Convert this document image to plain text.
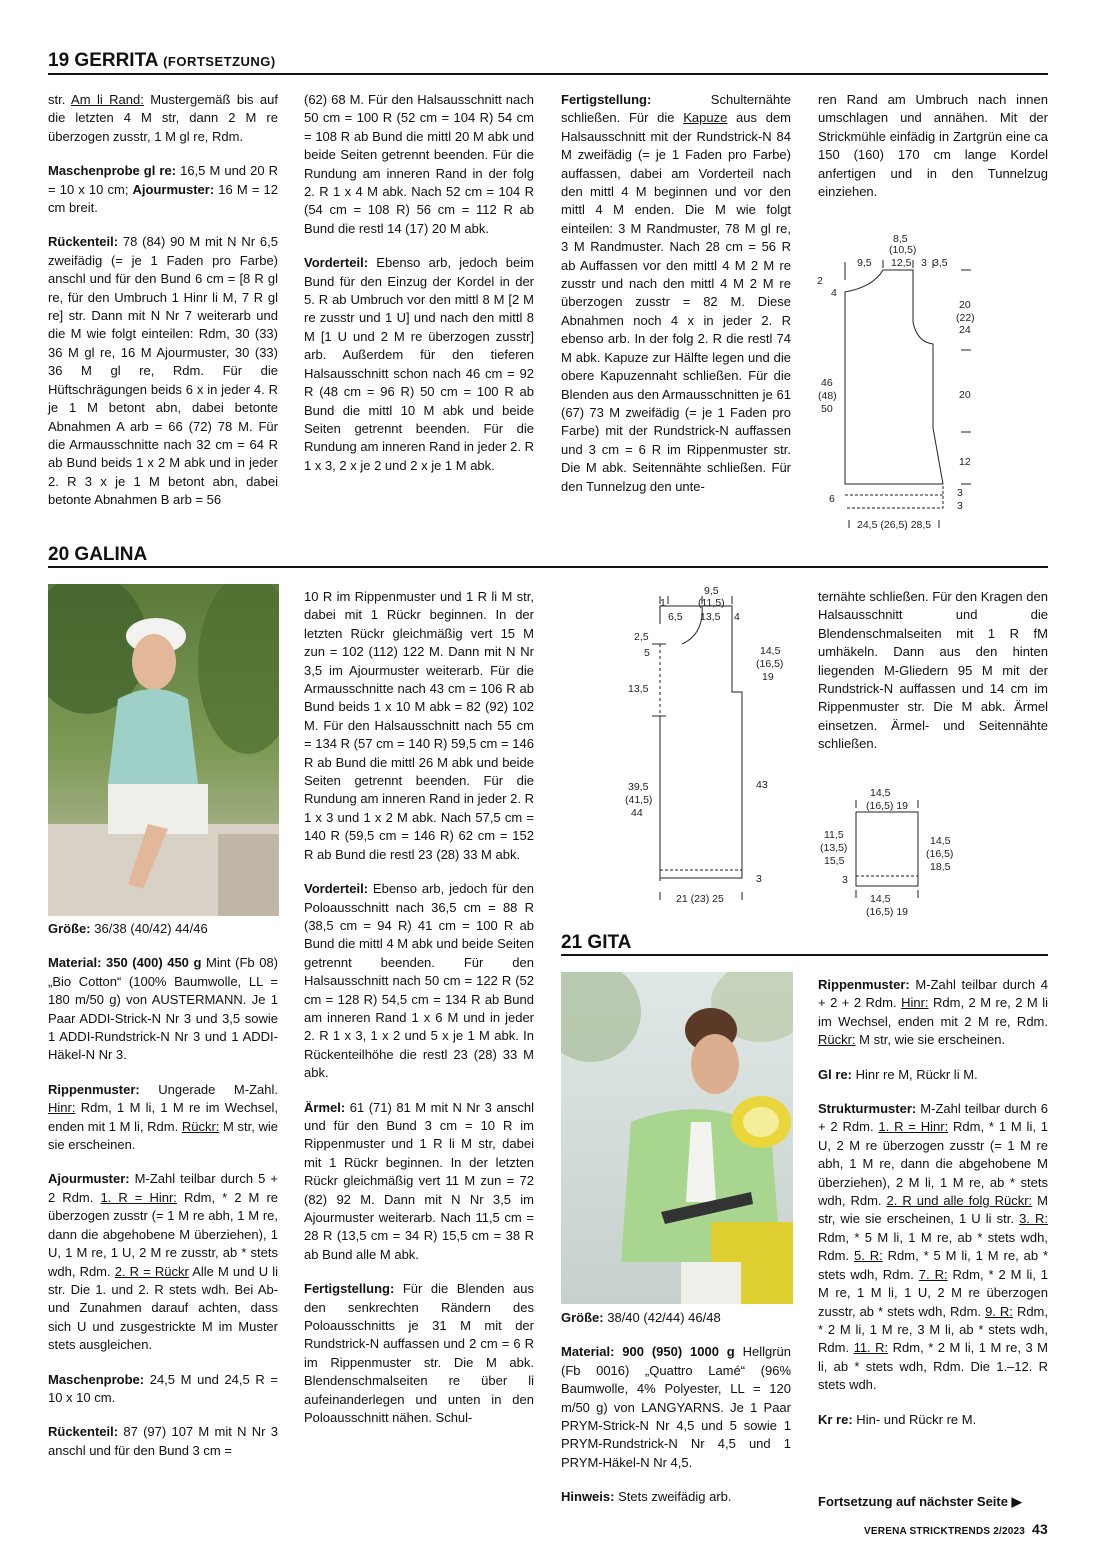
19 GERRITA (FORTSETZUNG)
20 GALINA
21 GITA

str. Am li Rand: Mustergemäß bis auf die letzten 4 M str, dann 2 M re überzogen zusstr, 1 M gl re, Rdm.

Maschenprobe gl re: 16,5 M und 20 R = 10 x 10 cm; Ajourmuster: 16 M = 12 cm breit.

Rückenteil: 78 (84) 90 M mit N Nr 6,5 zweifädig (= je 1 Faden pro Farbe) anschl und für den Bund 6 cm = [8 R gl re, für den Umbruch 1 Hinr li M, 7 R gl re] str. Dann mit N Nr 7 weiterarb und die M wie folgt einteilen: Rdm, 30 (33) 36 M gl re, 16 M Ajourmuster, 30 (33) 36 M gl re, Rdm. Für die Hüftschrägungen beids 6 x in jeder 4. R je 1 M betont abn, dabei betonte Abnahmen A arb = 66 (72) 78 M. Für die Armausschnitte nach 32 cm = 64 R ab Bund beids 1 x 2 M abk und in jeder 2. R 3 x je 1 M betont abn, dabei betonte Abnahmen B arb = 56

(62) 68 M. Für den Halsausschnitt nach 50 cm = 100 R (52 cm = 104 R) 54 cm = 108 R ab Bund die mittl 20 M abk und beide Seiten getrennt beenden. Für die Rundung am inneren Rand in der folg 2. R 1 x 4 M abk. Nach 52 cm = 104 R (54 cm = 108 R) 56 cm = 112 R ab Bund die restl 14 (17) 20 M abk.

Vorderteil: Ebenso arb, jedoch beim Bund für den Einzug der Kordel in der 5. R ab Umbruch vor den mittl 8 M [2 M re zusstr und 1 U] und nach den mittl 8 M [1 U und 2 M re überzogen zusstr] arb. Außerdem für den tieferen Halsausschnitt schon nach 46 cm = 92 R (48 cm = 96 R) 50 cm = 100 R ab Bund die mittl 10 M abk und beide Seiten getrennt beenden. Für die Rundung am inneren Rand in jeder 2. R 1 x 3, 2 x je 2 und 2 x je 1 M abk.

Fertigstellung: Schulternähte schließen. Für die Kapuze aus dem Halsausschnitt mit der Rundstrick-N 84 M zweifädig (= je 1 Faden pro Farbe) auffassen, dabei am Vorderteil nach den mittl 4 M beginnen und vor den mittl 4 M enden. Die M wie folgt einteilen: 3 M Randmuster, 78 M gl re, 3 M Randmuster. Nach 28 cm = 56 R ab Auffassen vor den mittl 4 M 2 M re zusstr und nach den mittl 4 M 2 M re überzogen zusstr = 82 M. Diese Abnahmen noch 4 x in jeder 2. R ebenso arb. In der folg 2. R die restl 74 M abk. Kapuze zur Hälfte legen und die obere Kapuzennaht schließen. Für die Blenden aus den Armausschnitten je 61 (67) 73 M zweifädig (= je 1 Faden pro Farbe) mit der Rundstrick-N auffassen und 3 cm = 6 R im Rippenmuster str. Die M abk. Seitennähte schließen. Für den Tunnelzug den unte-

ren Rand am Umbruch nach innen umschlagen und annähen. Mit der Strickmühle einfädig in Zartgrün eine ca 150 (160) 170 cm lange Kordel anfertigen und in den Tunnelzug einziehen.

2
4
9,5
8,5
(10,5)
12,5 3 3,5
20
(22)
24
20
12
3
3
46
(48)
50
6
24,5 (26,5) 28,5

Größe: 36/38 (40/42) 44/46

Material: 350 (400) 450 g Mint (Fb 08) „Bio Cotton“ (100% Baumwolle, LL = 180 m/50 g) von AUSTERMANN. Je 1 Paar ADDI-Strick-N Nr 3 und 3,5 sowie 1 ADDI-Rundstrick-N Nr 3 und 1 ADDI-Häkel-N Nr 3.

Rippenmuster: Ungerade M-Zahl. Hinr: Rdm, 1 M li, 1 M re im Wechsel, enden mit 1 M li, Rdm. Rückr: M str, wie sie erscheinen.

Ajourmuster: M-Zahl teilbar durch 5 + 2 Rdm. 1. R = Hinr: Rdm, * 2 M re überzogen zusstr (= 1 M re abh, 1 M re, dann die abgehobene M überziehen), 1 U, 1 M re, 1 U, 2 M re zusstr, ab * stets wdh, Rdm. 2. R = Rückr Alle M und U li str. Die 1. und 2. R stets wdh. Bei Ab- und Zunahmen darauf achten, dass sich U und zusgestrickte M im Muster stets ausgleichen.

Maschenprobe: 24,5 M und 24,5 R = 10 x 10 cm.

Rückenteil: 87 (97) 107 M mit N Nr 3 anschl und für den Bund 3 cm =

10 R im Rippenmuster und 1 R li M str, dabei mit 1 Rückr beginnen. In der letzten Rückr gleichmäßig vert 15 M zun = 102 (112) 122 M. Dann mit N Nr 3,5 im Ajourmuster weiterarb. Für die Armausschnitte nach 43 cm = 106 R ab Bund beids 1 x 10 M abk = 82 (92) 102 M. Für den Halsausschnitt nach 55 cm = 134 R (57 cm = 140 R) 59,5 cm = 146 R ab Bund die mittl 26 M abk und beide Seiten getrennt beenden. Für die Rundung am inneren Rand in jeder 2. R 1 x 3 und 1 x 2 M abk. Nach 57,5 cm = 140 R (59,5 cm = 146 R) 62 cm = 152 R ab Bund die restl 23 (28) 33 M abk.

Vorderteil: Ebenso arb, jedoch für den Poloausschnitt nach 36,5 cm = 88 R (38,5 cm = 94 R) 41 cm = 100 R ab Bund die mittl 4 M abk und beide Seiten getrennt beenden. Für den Halsausschnitt nach 50 cm = 122 R (52 cm = 128 R) 54,5 cm = 134 R ab Bund am inneren Rand 1 x 6 M und in jeder 2. R 1 x 3, 1 x 2 und 5 x je 1 M abk. In Rückenteilhöhe die restl 23 (28) 33 M abk.

Ärmel: 61 (71) 81 M mit N Nr 3 anschl und für den Bund 3 cm = 10 R im Rippenmuster und 1 R li M str, dabei mit 1 Rückr beginnen. In der letzten Rückr gleichmäßig vert 11 M zun = 72 (82) 92 M. Dann mit N Nr 3,5 im Ajourmuster weiterarb. Nach 11,5 cm = 28 R (13,5 cm = 34 R) 15,5 cm = 38 R ab Bund alle M abk.

Fertigstellung: Für die Blenden aus den senkrechten Rändern des Poloausschnitts je 31 M mit der Rundstrick-N auffassen und 2 cm = 6 R im Rippenmuster str. Die M abk. Blendenschmalseiten re über li aufeinanderlegen und unten in den Poloausschnitt nähen. Schul-

1
6,5
9,5
(11,5)
13,5 4
2,5
5
13,5
39,5
(41,5)
44
14,5
(16,5)
19
43
3
21 (23) 25

ternähte schließen. Für den Kragen den Halsausschnitt und die Blendenschmalseiten mit 1 R fM umhäkeln. Dann aus den hinten liegenden M-Gliedern 95 M mit der Rundstrick-N auffassen und 14 cm im Rippenmuster str. Die M abk. Ärmel einsetzen. Ärmel- und Seitennähte schließen.

14,5
(16,5) 19
11,5
(13,5)
15,5
14,5
(16,5)
18,5
3
14,5
(16,5) 19

Größe: 38/40 (42/44) 46/48

Material: 900 (950) 1000 g Hellgrün (Fb 0016) „Quattro Lamé“ (96% Baumwolle, 4% Polyester, LL = 120 m/50 g) von LANGYARNS. Je 1 Paar PRYM-Strick-N Nr 4,5 und 5 sowie 1 PRYM-Rundstrick-N Nr 4,5 und 1 PRYM-Häkel-N Nr 4,5.

Hinweis: Stets zweifädig arb.

Rippenmuster: M-Zahl teilbar durch 4 + 2 + 2 Rdm. Hinr: Rdm, 2 M re, 2 M li im Wechsel, enden mit 2 M re, Rdm. Rückr: M str, wie sie erscheinen.

Gl re: Hinr re M, Rückr li M.

Strukturmuster: M-Zahl teilbar durch 6 + 2 Rdm. 1. R = Hinr: Rdm, * 1 M li, 1 U, 2 M re überzogen zusstr (= 1 M re abh, 1 M re, dann die abgehobene M überziehen), 2 M li, 1 M re, ab * stets wdh, Rdm. 2. R und alle folg Rückr: M str, wie sie erscheinen, 1 U li str. 3. R: Rdm, * 5 M li, 1 M re, ab * stets wdh, Rdm. 5. R: Rdm, * 5 M li, 1 M re, ab * stets wdh, Rdm. 7. R: Rdm, * 2 M li, 1 M re, 1 M li, 1 U, 2 M re überzogen zusstr, ab * stets wdh, Rdm. 9. R: Rdm, * 2 M li, 1 M re, 3 M li, ab * stets wdh, Rdm. 11. R: Rdm, * 2 M li, 1 M re, 3 M li, ab * stets wdh, Rdm. Die 1.–12. R stets wdh.

Kr re: Hin- und Rückr re M.

Fortsetzung auf nächster Seite ▶
VERENA STRICKTRENDS 2/2023 43
